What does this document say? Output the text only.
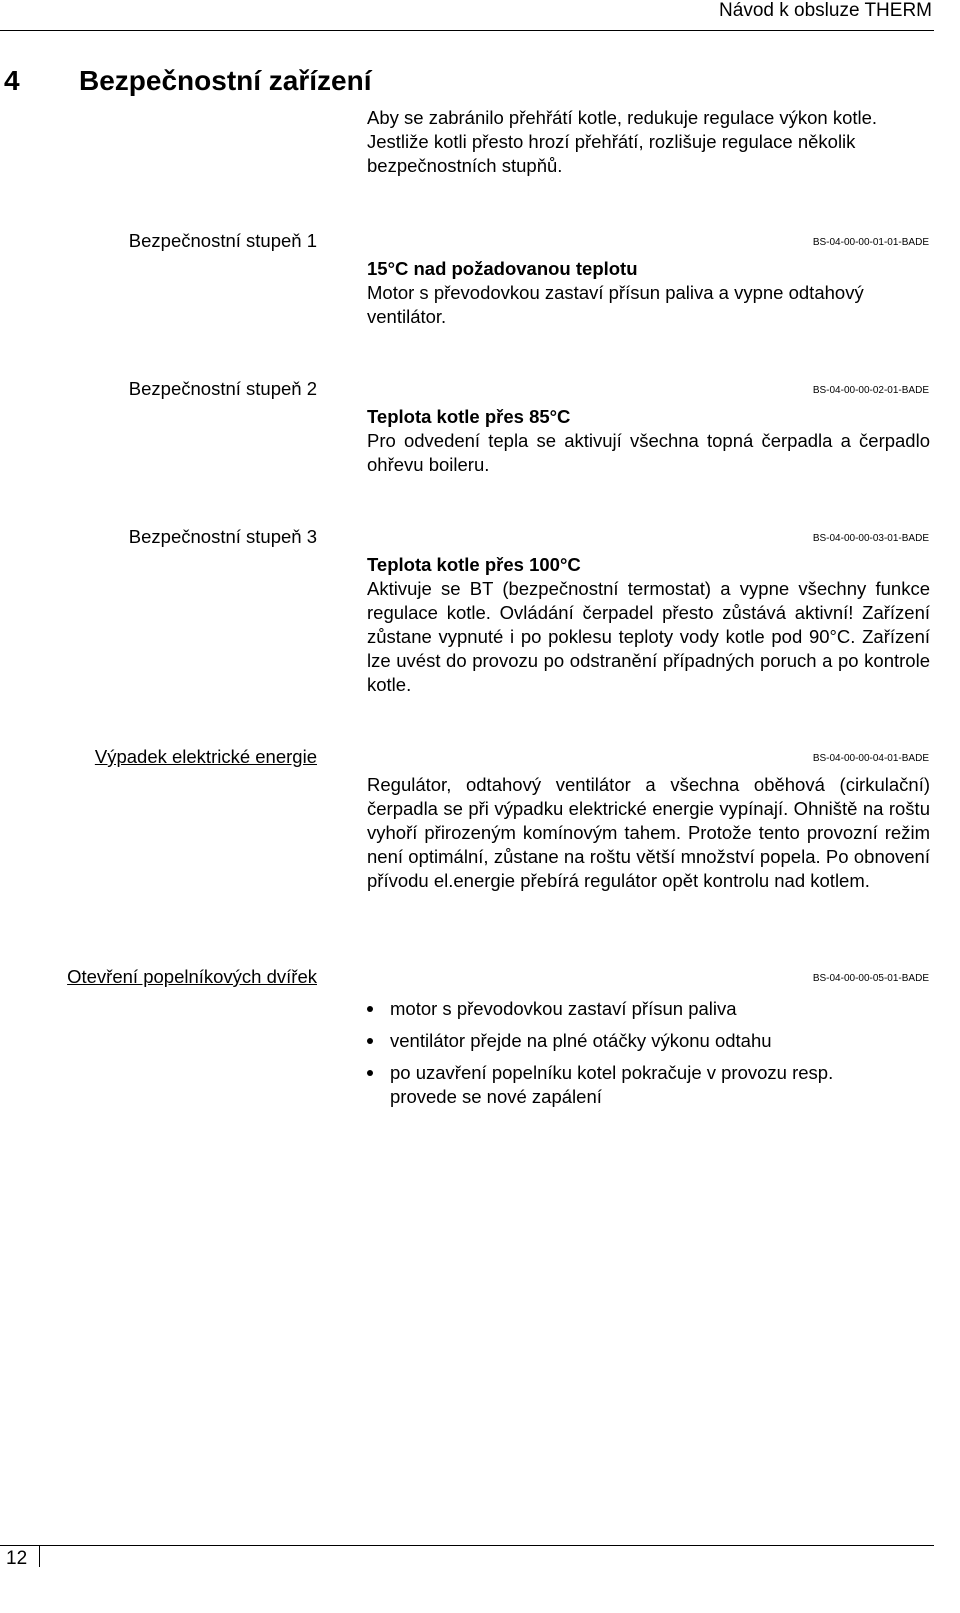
Návod k obsluze THERM
4 Bezpečnostní zařízení
Aby se zabránilo přehřátí kotle, redukuje regulace výkon kotle. Jestliže kotli přesto hrozí přehřátí, rozlišuje regulace několik bezpečnostních stupňů.
Bezpečnostní stupeň 1	BS-04-00-00-01-01-BADE
15°C nad požadovanou teplotu
Motor s převodovkou zastaví přísun paliva a vypne odtahový ventilátor.
Bezpečnostní stupeň 2	BS-04-00-00-02-01-BADE
Teplota kotle přes 85°C
Pro odvedení tepla se aktivují všechna topná čerpadla a čerpadlo ohřevu boileru.
Bezpečnostní stupeň 3	BS-04-00-00-03-01-BADE
Teplota kotle přes 100°C
Aktivuje se BT (bezpečnostní termostat) a vypne všechny funkce regulace kotle. Ovládání čerpadel přesto zůstává aktivní! Zařízení zůstane vypnuté i po poklesu teploty vody kotle pod 90°C. Zařízení lze uvést do provozu po odstranění případných poruch a po kontrole kotle.
Výpadek elektrické energie	BS-04-00-00-04-01-BADE
Regulátor, odtahový ventilátor a všechna oběhová (cirkulační) čerpadla se při výpadku elektrické energie vypínají. Ohniště na roštu vyhoří přirozeným komínovým tahem. Protože tento provozní režim není optimální, zůstane na roštu větší množství popela. Po obnovení přívodu el.energie přebírá regulátor opět kontrolu nad kotlem.
Otevření popelníkových dvířek	BS-04-00-00-05-01-BADE
motor s převodovkou zastaví přísun paliva
ventilátor přejde na plné otáčky výkonu odtahu
po uzavření popelníku kotel pokračuje v provozu resp. provede se nové zapálení
12
